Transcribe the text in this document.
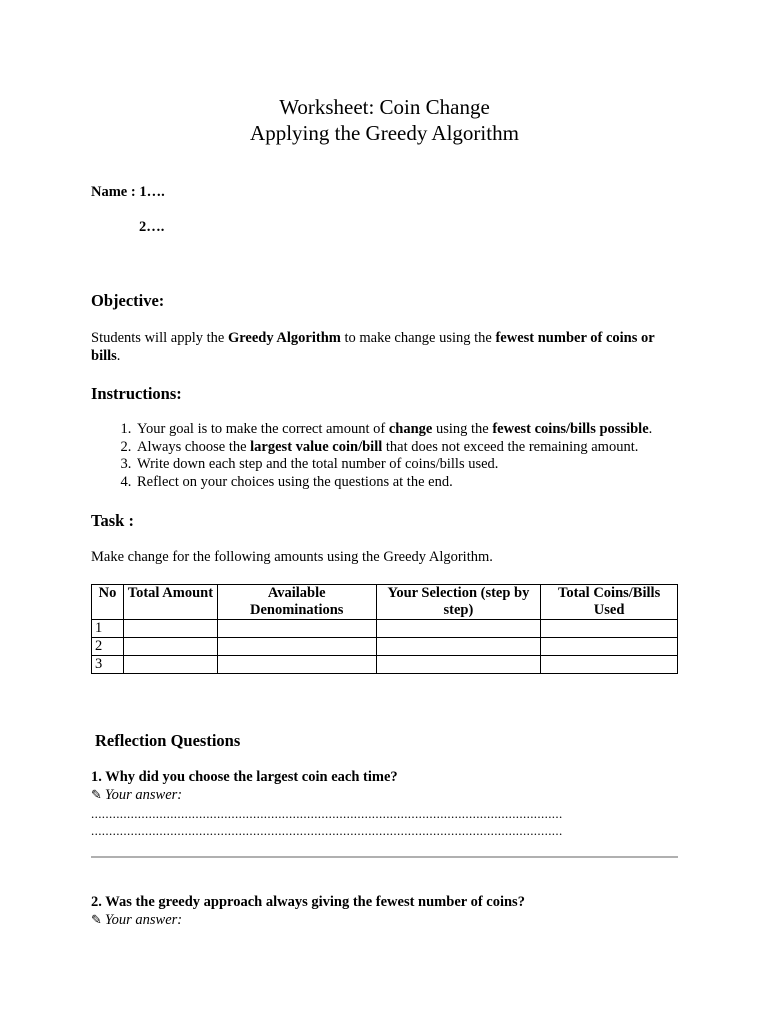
Worksheet: Coin Change
Applying the Greedy Algorithm
Name : 1….
2….
Objective:
Students will apply the Greedy Algorithm to make change using the fewest number of coins or bills.
Instructions:
1. Your goal is to make the correct amount of change using the fewest coins/bills possible.
2. Always choose the largest value coin/bill that does not exceed the remaining amount.
3. Write down each step and the total number of coins/bills used.
4. Reflect on your choices using the questions at the end.
Task :
Make change for the following amounts using the Greedy Algorithm.
No	Total Amount	Available Denominations	Your Selection (step by step)	Total Coins/Bills Used
1				
2				
3				
Reflection Questions
1. Why did you choose the largest coin each time?
✎ Your answer:
...................................................................................................................................
...................................................................................................................................
2. Was the greedy approach always giving the fewest number of coins?
✎ Your answer:
